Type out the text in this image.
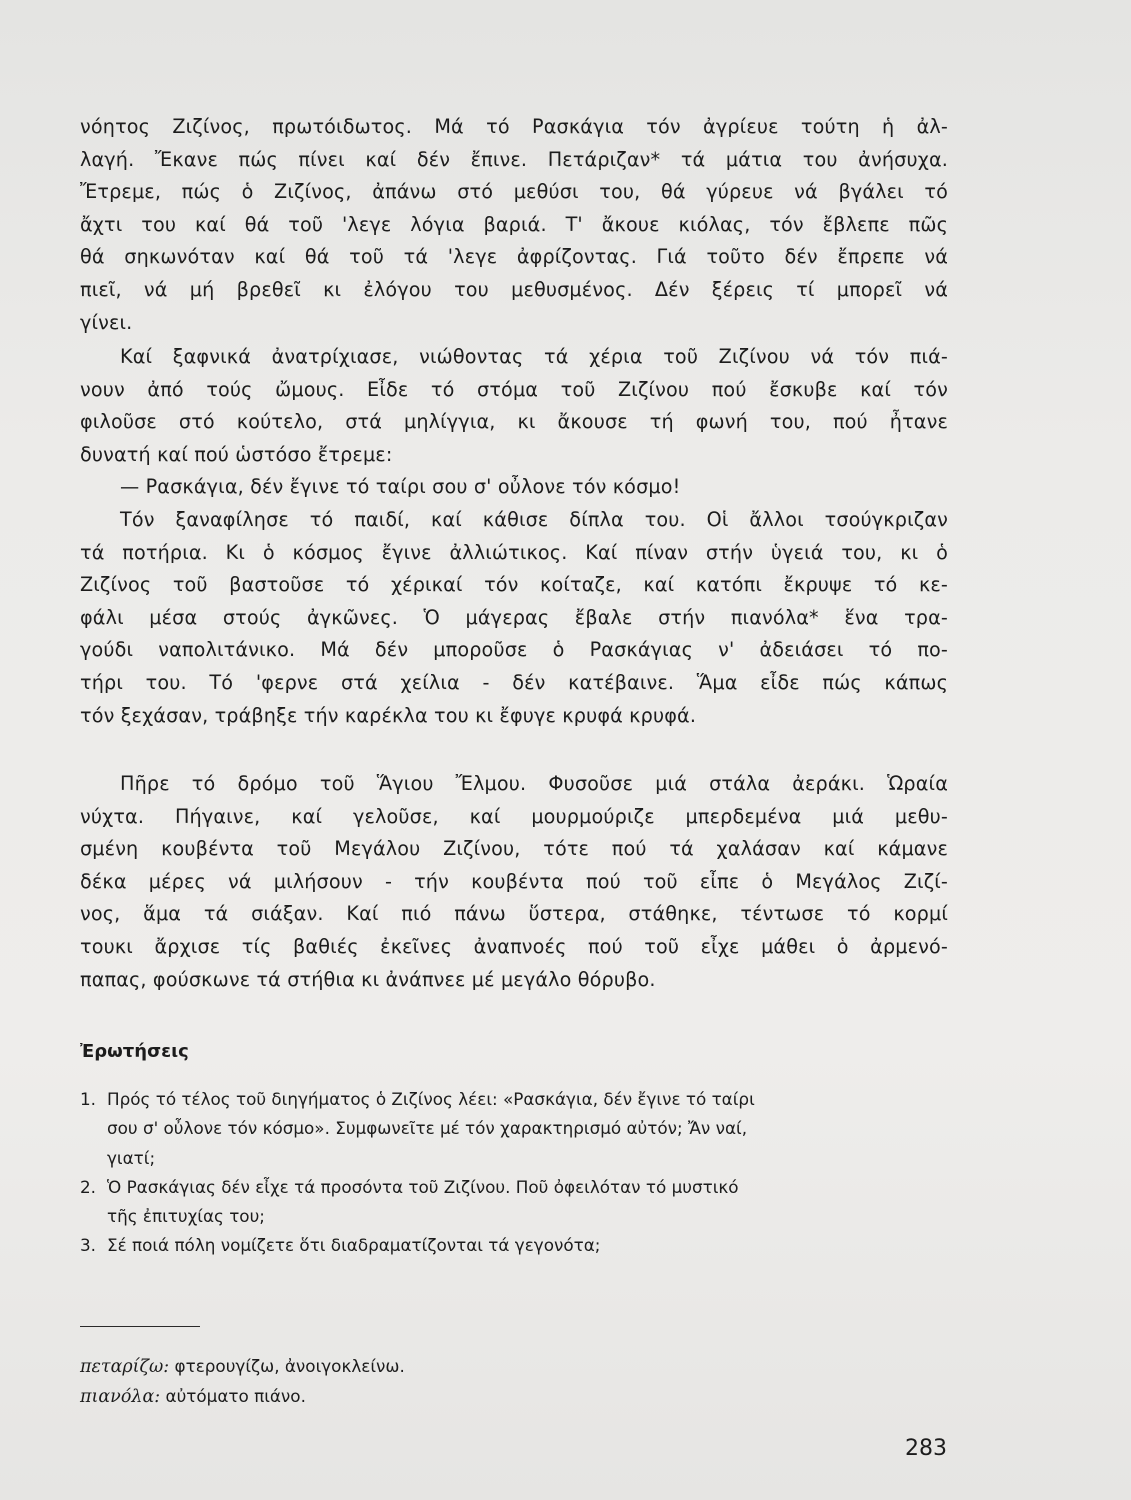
νόητος Ζιζίνος, πρωτόιδωτος. Μά τό Ρασκάγια τόν ἀγρίευε τούτη ἡ ἀλ-
λαγή. Ἔκανε πώς πίνει καί δέν ἔπινε. Πετάριζαν* τά μάτια του ἀνήσυχα.
Ἔτρεμε, πώς ὁ Ζιζίνος, ἀπάνω στό μεθύσι του, θά γύρευε νά βγάλει τό
ἄχτι του καί θά τοῦ 'λεγε λόγια βαριά. Τ' ἄκουε κιόλας, τόν ἔβλεπε πῶς
θά σηκωνόταν καί θά τοῦ τά 'λεγε ἀφρίζοντας. Γιά τοῦτο δέν ἔπρεπε νά
πιεῖ, νά μή βρεθεῖ κι ἐλόγου του μεθυσμένος. Δέν ξέρεις τί μπορεῖ νά
γίνει.
Καί ξαφνικά ἀνατρίχιασε, νιώθοντας τά χέρια τοῦ Ζιζίνου νά τόν πιά-
νουν ἀπό τούς ὤμους. Εἶδε τό στόμα τοῦ Ζιζίνου πού ἔσκυβε καί τόν
φιλοῦσε στό κούτελο, στά μηλίγγια, κι ἄκουσε τή φωνή του, πού ἦτανε
δυνατή καί πού ὡστόσο ἔτρεμε:
— Ρασκάγια, δέν ἔγινε τό ταίρι σου σ' οὖλονε τόν κόσμο!
Τόν ξαναφίλησε τό παιδί, καί κάθισε δίπλα του. Οἱ ἄλλοι τσούγκριζαν
τά ποτήρια. Κι ὁ κόσμος ἔγινε ἀλλιώτικος. Καί πίναν στήν ὑγειά του, κι ὁ
Ζιζίνος τοῦ βαστοῦσε τό χέρικαί τόν κοίταζε, καί κατόπι ἔκρυψε τό κε-
φάλι μέσα στούς ἀγκῶνες. Ὁ μάγερας ἔβαλε στήν πιανόλα* ἕνα τρα-
γούδι ναπολιτάνικο. Μά δέν μποροῦσε ὁ Ρασκάγιας ν' ἀδειάσει τό πο-
τήρι του. Τό 'φερνε στά χείλια - δέν κατέβαινε. Ἅμα εἶδε πώς κάπως
τόν ξεχάσαν, τράβηξε τήν καρέκλα του κι ἔφυγε κρυφά κρυφά.
Πῆρε τό δρόμο τοῦ Ἅγιου Ἔλμου. Φυσοῦσε μιά στάλα ἀεράκι. Ὡραία
νύχτα. Πήγαινε, καί γελοῦσε, καί μουρμούριζε μπερδεμένα μιά μεθυ-
σμένη κουβέντα τοῦ Μεγάλου Ζιζίνου, τότε πού τά χαλάσαν καί κάμανε
δέκα μέρες νά μιλήσουν - τήν κουβέντα πού τοῦ εἶπε ὁ Μεγάλος Ζιζί-
νος, ἅμα τά σιάξαν. Καί πιό πάνω ὕστερα, στάθηκε, τέντωσε τό κορμί
τουκι ἄρχισε τίς βαθιές ἐκεῖνες ἀναπνοές πού τοῦ εἶχε μάθει ὁ ἀρμενό-
παπας, φούσκωνε τά στήθια κι ἀνάπνεε μέ μεγάλο θόρυβο.
Ἐρωτήσεις
1. Πρός τό τέλος τοῦ διηγήματος ὁ Ζιζίνος λέει: «Ρασκάγια, δέν ἔγινε τό ταίρι
σου σ' οὖλονε τόν κόσμο». Συμφωνεῖτε μέ τόν χαρακτηρισμό αὐτόν; Ἄν ναί,
γιατί;
2. Ὁ Ρασκάγιας δέν εἶχε τά προσόντα τοῦ Ζιζίνου. Ποῦ ὀφειλόταν τό μυστικό
τῆς ἐπιτυχίας του;
3. Σέ ποιά πόλη νομίζετε ὅτι διαδραματίζονται τά γεγονότα;
πεταρίζω: φτερουγίζω, ἀνοιγοκλείνω.
πιανόλα: αὐτόματο πιάνο.
283
